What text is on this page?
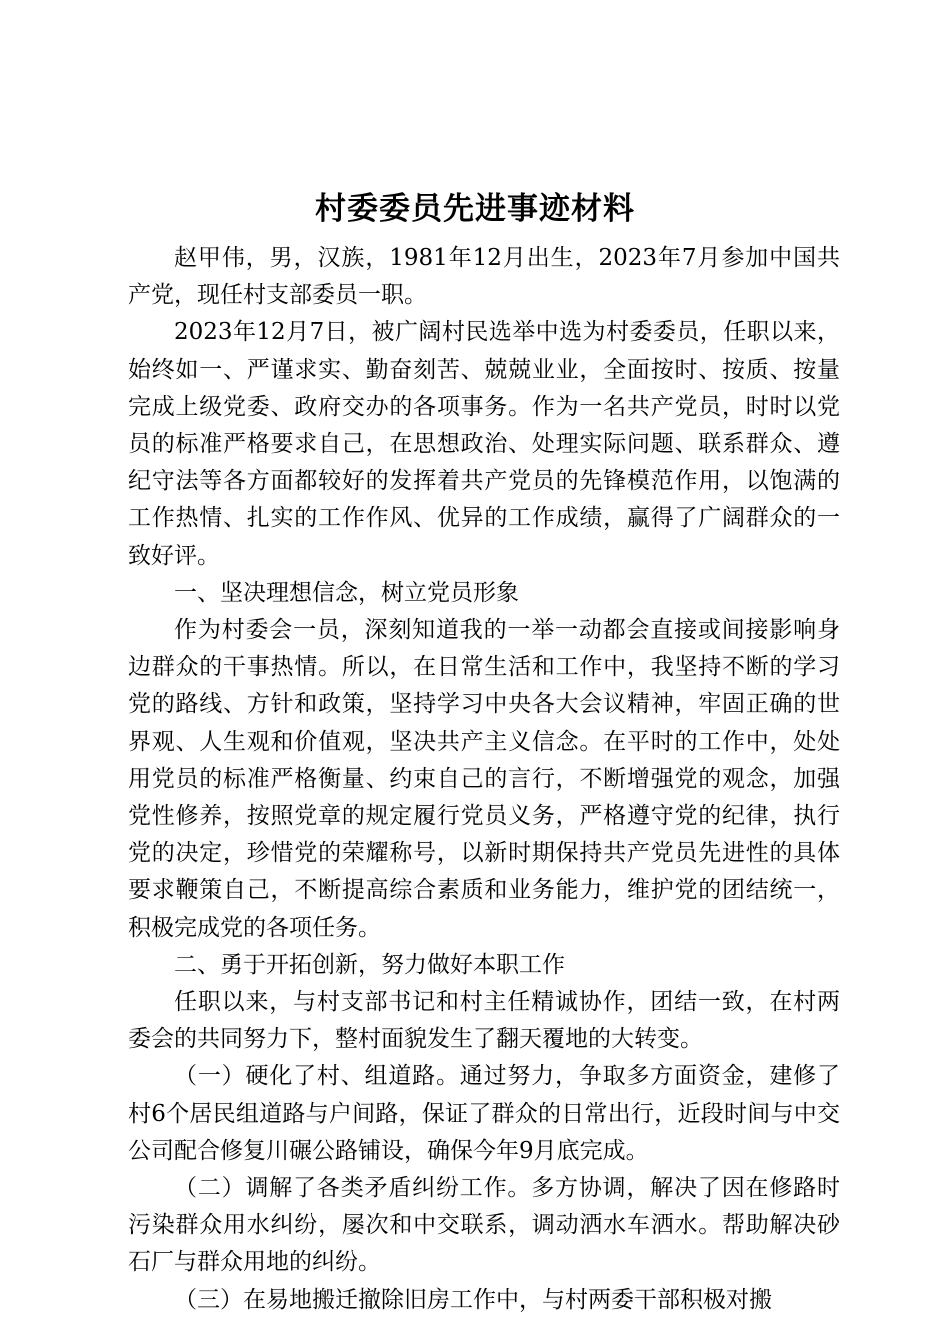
村委委员先进事迹材料

赵甲伟，男，汉族，1981年12月出生，2023年7月参加中国共产党，现任村支部委员一职。

2023年12月7日，被广阔村民选举中选为村委委员，任职以来，始终如一、严谨求实、勤奋刻苦、兢兢业业，全面按时、按质、按量完成上级党委、政府交办的各项事务。作为一名共产党员，时时以党员的标准严格要求自己，在思想政治、处理实际问题、联系群众、遵纪守法等各方面都较好的发挥着共产党员的先锋模范作用，以饱满的工作热情、扎实的工作作风、优异的工作成绩，赢得了广阔群众的一致好评。

一、坚决理想信念，树立党员形象

作为村委会一员，深刻知道我的一举一动都会直接或间接影响身边群众的干事热情。所以，在日常生活和工作中，我坚持不断的学习党的路线、方针和政策，坚持学习中央各大会议精神，牢固正确的世界观、人生观和价值观，坚决共产主义信念。在平时的工作中，处处用党员的标准严格衡量、约束自己的言行，不断增强党的观念，加强党性修养，按照党章的规定履行党员义务，严格遵守党的纪律，执行党的决定，珍惜党的荣耀称号，以新时期保持共产党员先进性的具体要求鞭策自己，不断提高综合素质和业务能力，维护党的团结统一，积极完成党的各项任务。

二、勇于开拓创新，努力做好本职工作

任职以来，与村支部书记和村主任精诚协作，团结一致，在村两委会的共同努力下，整村面貌发生了翻天覆地的大转变。

（一）硬化了村、组道路。通过努力，争取多方面资金，建修了村6个居民组道路与户间路，保证了群众的日常出行，近段时间与中交公司配合修复川碾公路铺设，确保今年9月底完成。

（二）调解了各类矛盾纠纷工作。多方协调，解决了因在修路时污染群众用水纠纷，屡次和中交联系，调动洒水车洒水。帮助解决砂石厂与群众用地的纠纷。

（三）在易地搬迁撤除旧房工作中，与村两委干部积极对搬
